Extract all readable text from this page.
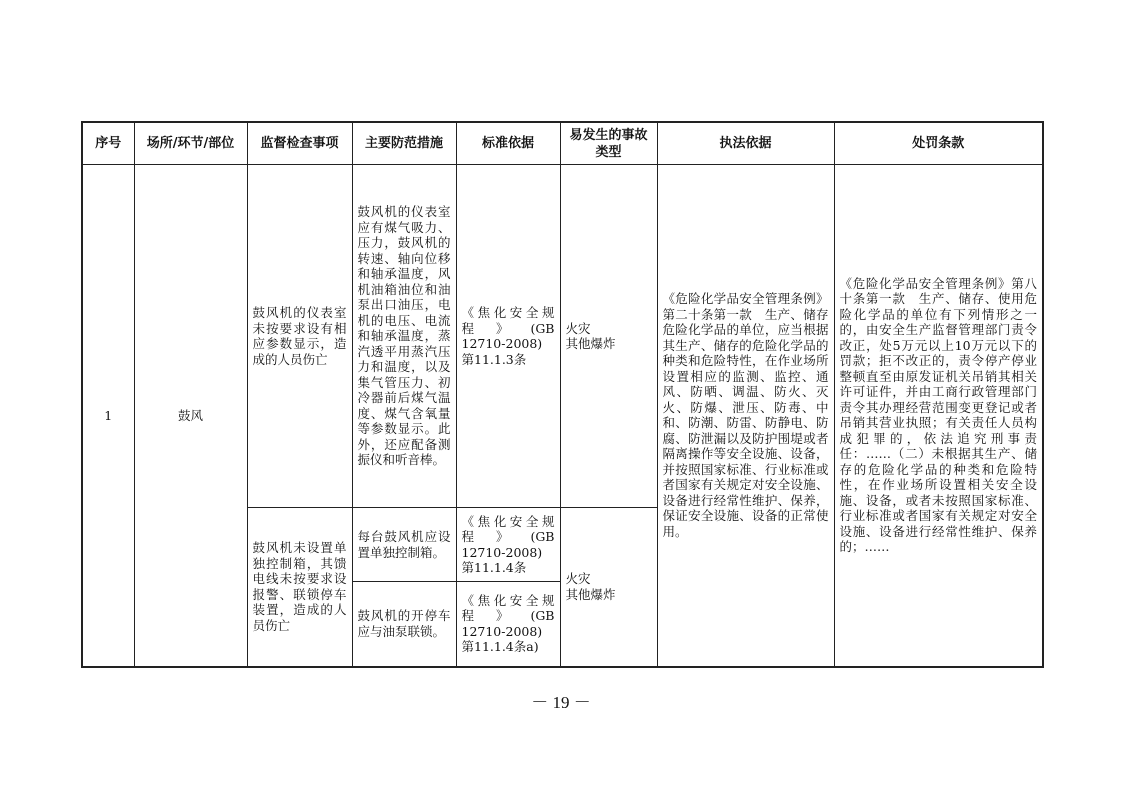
序号	场所/环节/部位	监督检查事项	主要防范措施	标准依据	易发生的事故类型	执法依据	处罚条款
1	鼓风	鼓风机的仪表室未按要求设有相应参数显示，造成的人员伤亡	鼓风机的仪表室应有煤气吸力、压力，鼓风机的转速、轴向位移和轴承温度，风机油箱油位和油泵出口油压，电机的电压、电流和轴承温度，蒸汽透平用蒸汽压力和温度，以及集气管压力、初冷器前后煤气温度、煤气含氧量等参数显示。此外，还应配备测振仪和听音棒。	《焦化安全规程》(GB 12710-2008)第11.1.3条	火灾
其他爆炸	《危险化学品安全管理条例》第二十条第一款　生产、储存危险化学品的单位，应当根据其生产、储存的危险化学品的种类和危险特性，在作业场所设置相应的监测、监控、通风、防晒、调温、防火、灭火、防爆、泄压、防毒、中和、防潮、防雷、防静电、防腐、防泄漏以及防护围堤或者隔离操作等安全设施、设备，并按照国家标准、行业标准或者国家有关规定对安全设施、设备进行经常性维护、保养，保证安全设施、设备的正常使用。	《危险化学品安全管理条例》第八十条第一款　生产、储存、使用危险化学品的单位有下列情形之一的，由安全生产监督管理部门责令改正，处5万元以上10万元以下的罚款；拒不改正的，责令停产停业整顿直至由原发证机关吊销其相关许可证件，并由工商行政管理部门责令其办理经营范围变更登记或者吊销其营业执照；有关责任人员构成犯罪的，依法追究刑事责任：……（二）未根据其生产、储存的危险化学品的种类和危险特性，在作业场所设置相关安全设施、设备，或者未按照国家标准、行业标准或者国家有关规定对安全设施、设备进行经常性维护、保养的；……
		鼓风机未设置单独控制箱，其馈电线未按要求设报警、联锁停车装置，造成的人员伤亡	每台鼓风机应设置单独控制箱。	《焦化安全规程》(GB 12710-2008)第11.1.4条	火灾
其他爆炸		
			鼓风机的开停车应与油泵联锁。	《焦化安全规程》(GB 12710-2008)第11.1.4条a)			
－ 19 －
